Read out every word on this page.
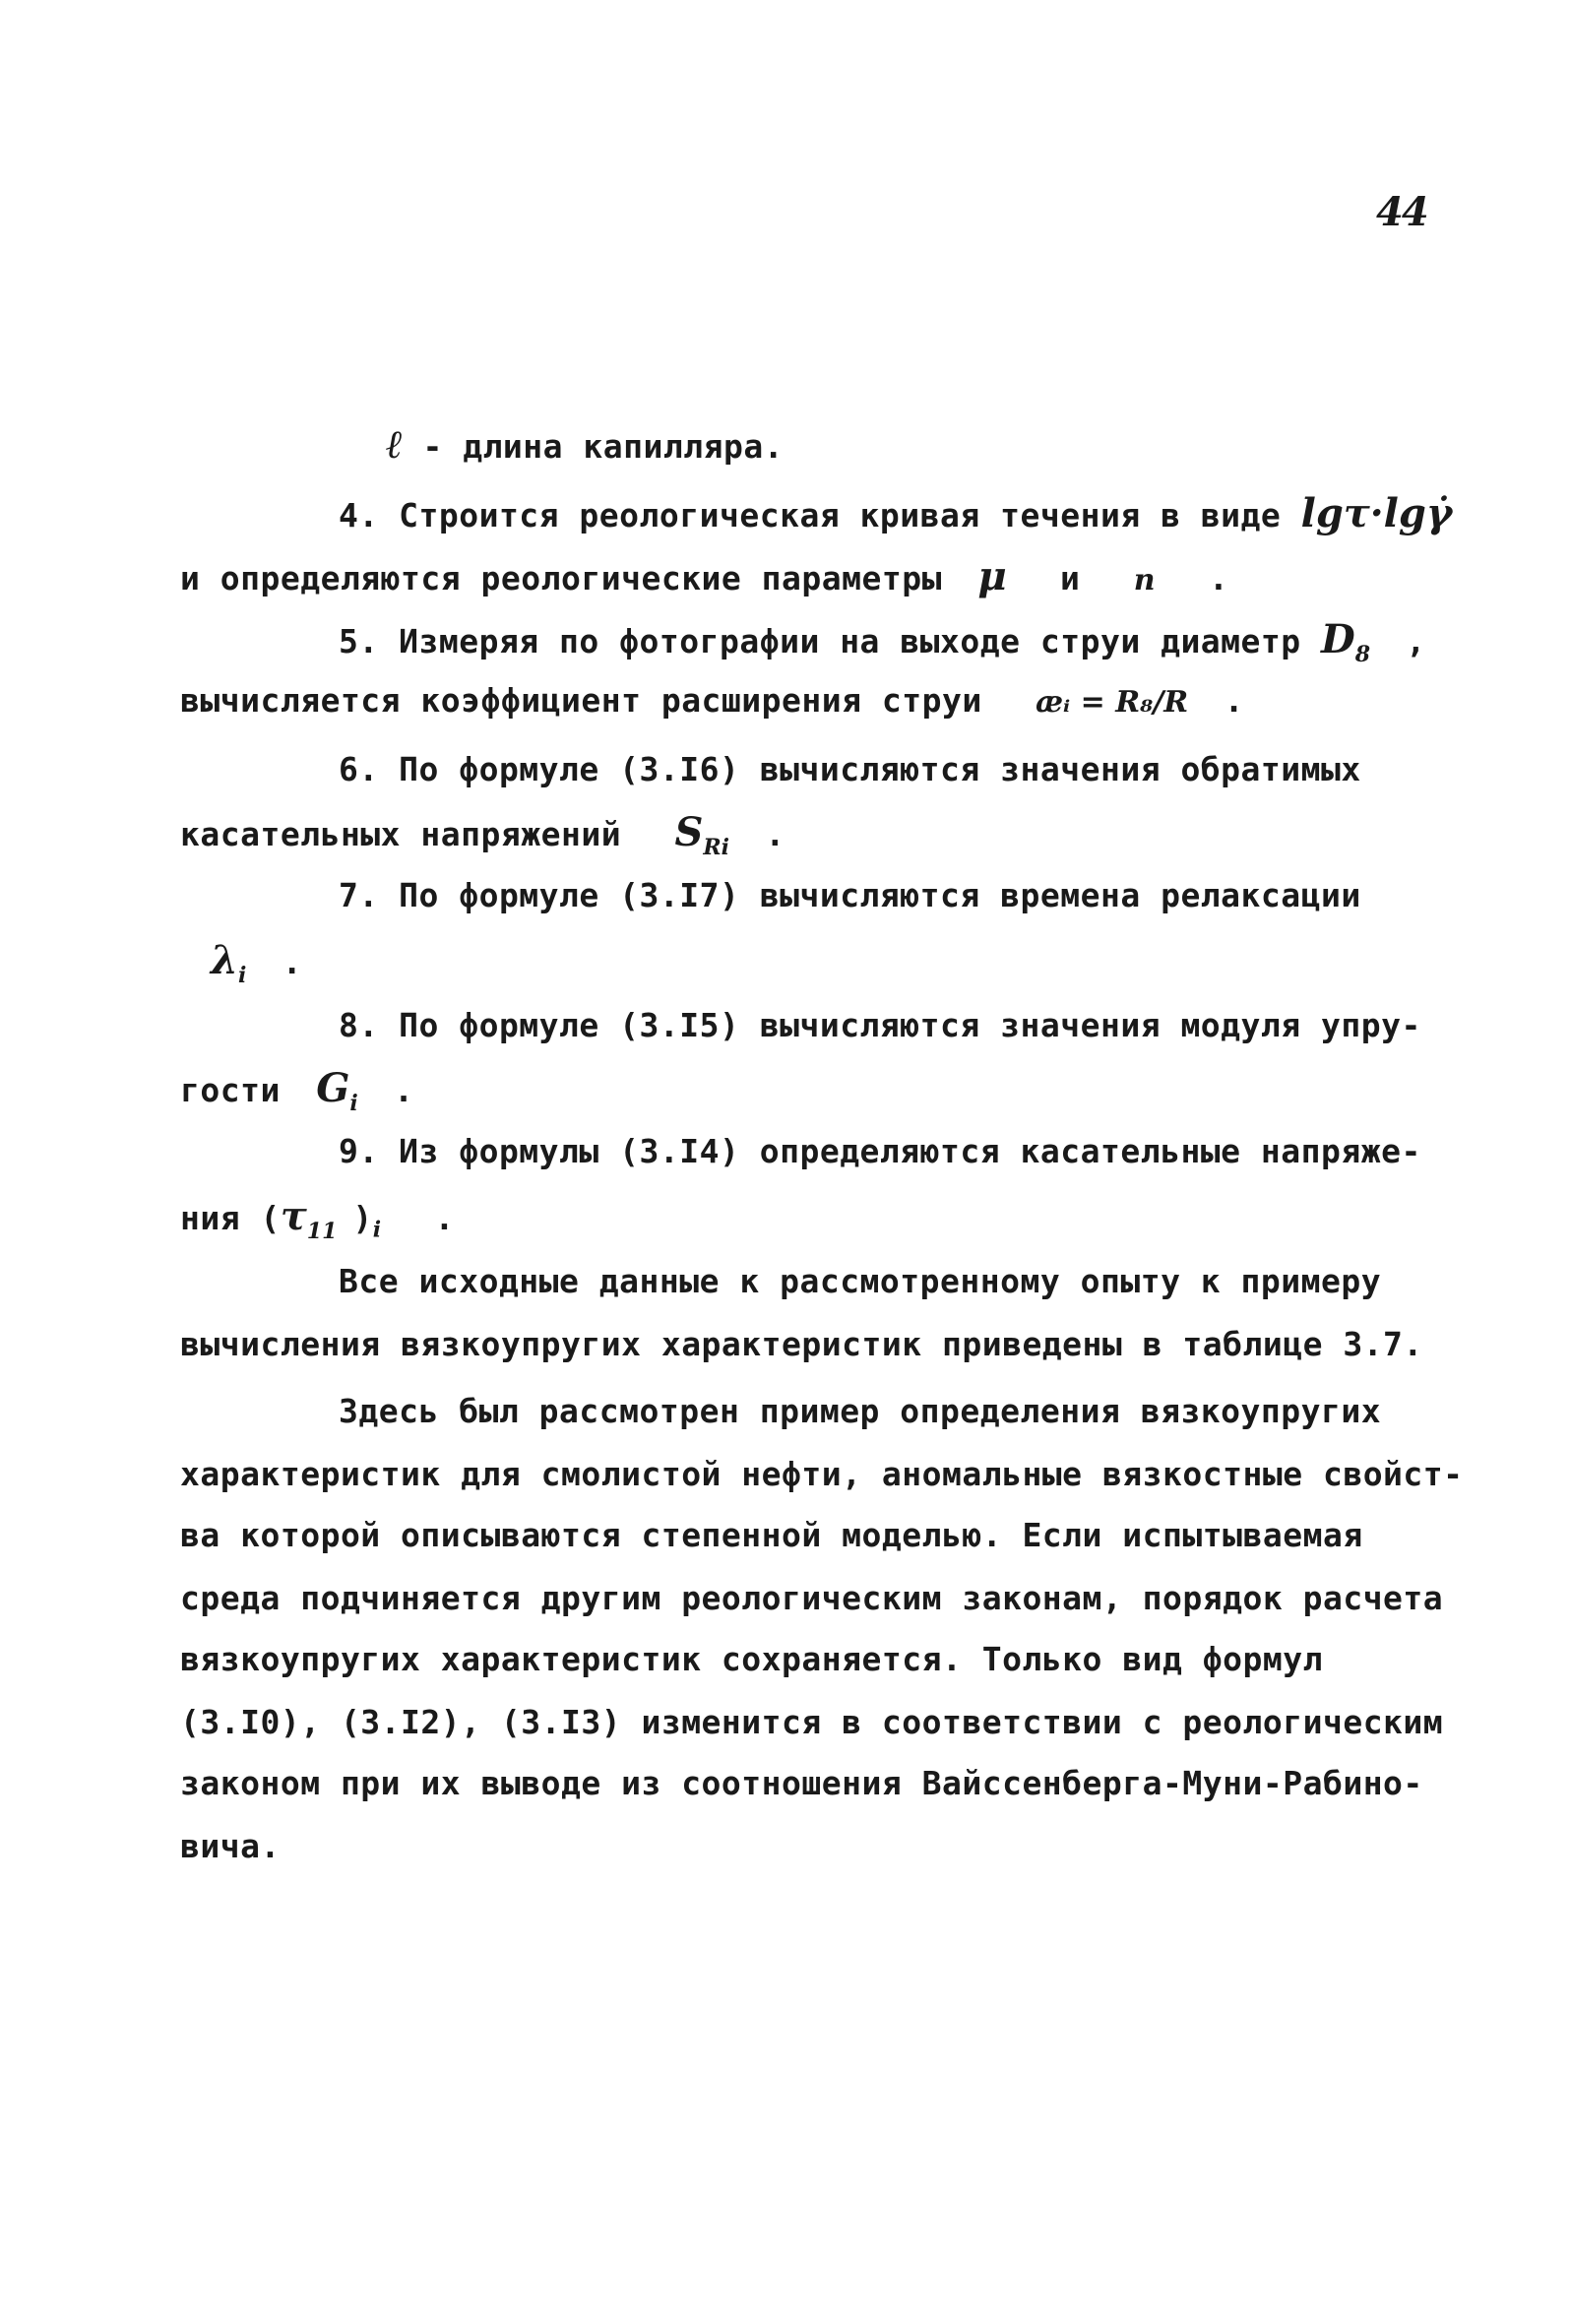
44
ℓ - длина капилляра.
4. Строится реологическая кривая течения в виде lgτ·lgγ̇
и определяются реологические параметры μ и n .
5. Измеряя по фотографии на выходе струи диаметр $D_8$ ,
вычисляется коэффициент расширения струи æᵢ = R₈/R .
6. По формуле (3.I6) вычисляются значения обратимых
касательных напряжений $S_{Ri}$ .
7. По формуле (3.I7) вычисляются времена релаксации
$\lambda_i$ .
8. По формуле (3.I5) вычисляются значения модуля упру-
гости $G_i$ .
9. Из формулы (3.I4) определяются касательные напряже-
ния ($\tau_{11}$ )$_i$ .
Все исходные данные к рассмотренному опыту к примеру
вычисления вязкоупругих характеристик приведены в таблице 3.7.
Здесь был рассмотрен пример определения вязкоупругих
характеристик для смолистой нефти, аномальные вязкостные свойст-
ва которой описываются степенной моделью. Если испытываемая
среда подчиняется другим реологическим законам, порядок расчета
вязкоупругих характеристик сохраняется. Только вид формул
(3.I0), (3.I2), (3.I3) изменится в соответствии с реологическим
законом при их выводе из соотношения Вайссенберга-Муни-Рабино-
вича.
